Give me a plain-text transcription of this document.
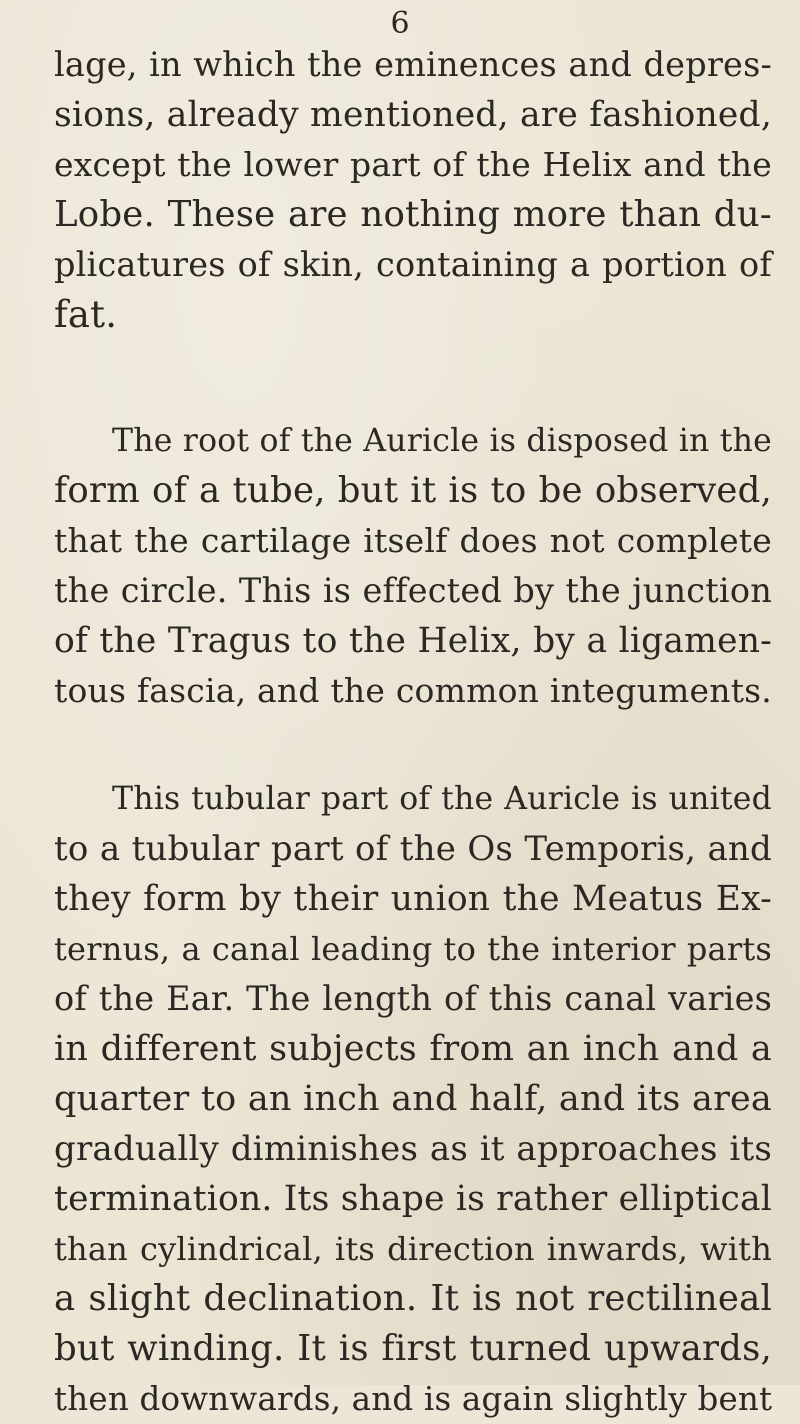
6
lage, in which the eminences and depres-
sions, already mentioned, are fashioned,
except the lower part of the Helix and the
Lobe. These are nothing more than du-
plicatures of skin, containing a portion of
fat.
The root of the Auricle is disposed in the
form of a tube, but it is to be observed,
that the cartilage itself does not complete
the circle. This is effected by the junction
of the Tragus to the Helix, by a ligamen-
tous fascia, and the common integuments.
This tubular part of the Auricle is united
to a tubular part of the Os Temporis, and
they form by their union the Meatus Ex-
ternus, a canal leading to the interior parts
of the Ear. The length of this canal varies
in different subjects from an inch and a
quarter to an inch and half, and its area
gradually diminishes as it approaches its
termination. Its shape is rather elliptical
than cylindrical, its direction inwards, with
a slight declination. It is not rectilineal
but winding. It is first turned upwards,
then downwards, and is again slightly bent
